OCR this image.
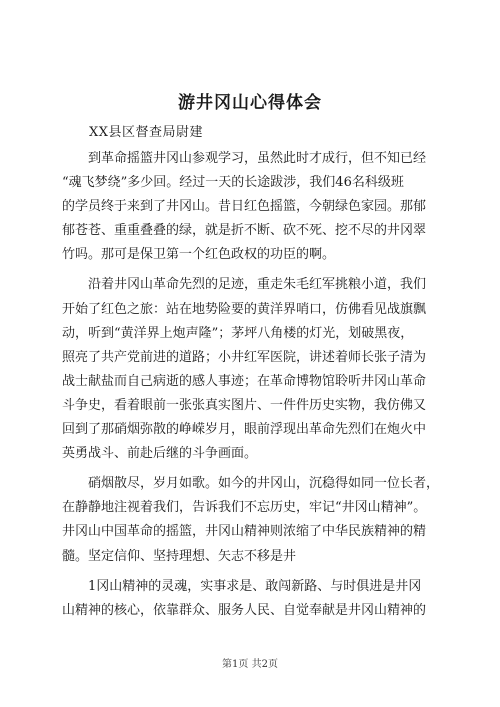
游井冈山心得体会
XX县区督查局尉建

到革命摇篮井冈山参观学习，虽然此时才成行，但不知已经
“魂飞梦绕”多少回。经过一天的长途跋涉，我们46名科级班
的学员终于来到了井冈山。昔日红色摇篮，今朝绿色家园。那郁
郁苍苍、重重叠叠的绿，就是折不断、砍不死、挖不尽的井冈翠
竹吗。那可是保卫第一个红色政权的功臣的啊。

沿着井冈山革命先烈的足迹，重走朱毛红军挑粮小道，我们
开始了红色之旅：站在地势险要的黄洋界哨口，仿佛看见战旗飘
动，听到“黄洋界上炮声隆”；茅坪八角楼的灯光，划破黑夜，
照亮了共产党前进的道路；小井红军医院，讲述着师长张子清为
战士献盐而自己病逝的感人事迹；在革命博物馆聆听井冈山革命
斗争史，看着眼前一张张真实图片、一件件历史实物，我仿佛又
回到了那硝烟弥散的峥嵘岁月，眼前浮现出革命先烈们在炮火中
英勇战斗、前赴后继的斗争画面。

硝烟散尽，岁月如歌。如今的井冈山，沉稳得如同一位长者，
在静静地注视着我们，告诉我们不忘历史，牢记“井冈山精神”。
井冈山中国革命的摇篮，井冈山精神则浓缩了中华民族精神的精
髓。坚定信仰、坚持理想、矢志不移是井

1冈山精神的灵魂，实事求是、敢闯新路、与时俱进是井冈
山精神的核心，依靠群众、服务人民、自觉奉献是井冈山精神的

第1页 共2页
